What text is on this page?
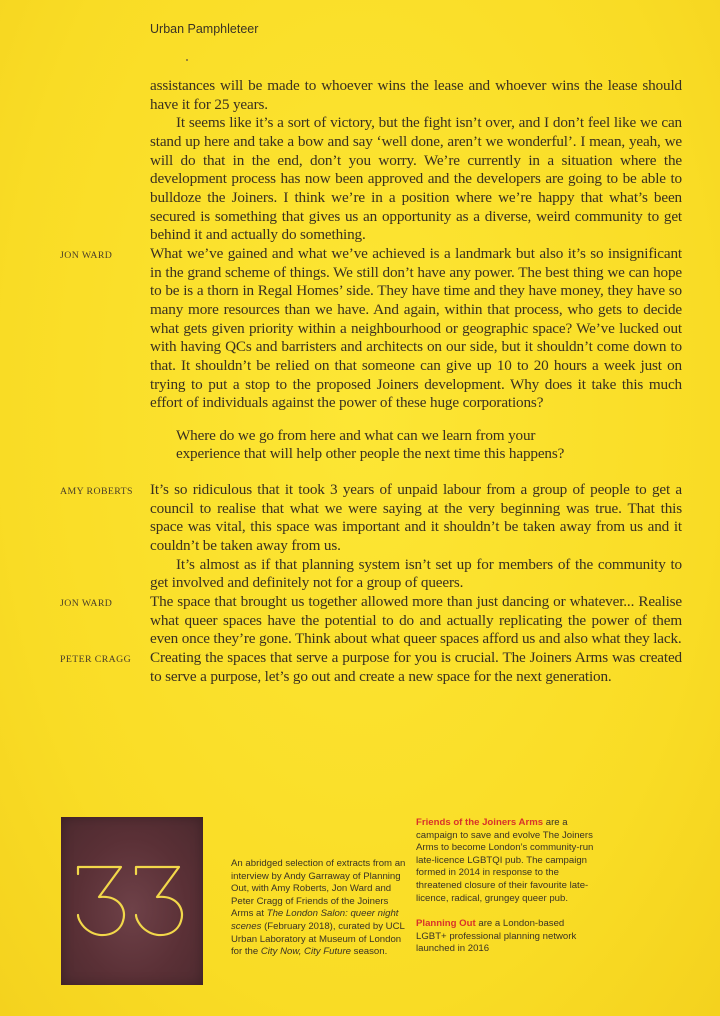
Urban Pamphleteer

assistances will be made to whoever wins the lease and whoever wins the lease should have it for 25 years.

It seems like it’s a sort of victory, but the fight isn’t over, and I don’t feel like we can stand up here and take a bow and say ‘well done, aren’t we wonderful’. I mean, yeah, we will do that in the end, don’t you worry. We’re currently in a situation where the development process has now been approved and the developers are going to be able to bulldoze the Joiners. I think we’re in a position where we’re happy that what’s been secured is something that gives us an opportunity as a diverse, weird community to get behind it and actually do something.

JON WARD What we’ve gained and what we’ve achieved is a landmark but also it’s so insignificant in the grand scheme of things. We still don’t have any power. The best thing we can hope to be is a thorn in Regal Homes’ side. They have time and they have money, they have so many more resources than we have. And again, within that process, who gets to decide what gets given priority within a neighbourhood or geographic space? We’ve lucked out with having QCs and barristers and architects on our side, but it shouldn’t come down to that. It shouldn’t be relied on that someone can give up 10 to 20 hours a week just on trying to put a stop to the proposed Joiners development. Why does it take this much effort of individuals against the power of these huge corporations?

Where do we go from here and what can we learn from your

experience that will help other people the next time this happens?

AMY ROBERTS It’s so ridiculous that it took 3 years of unpaid labour from a group of people to get a council to realise that what we were saying at the very beginning was true. That this space was vital, this space was important and it shouldn’t be taken away from us and it couldn’t be taken away from us.

It’s almost as if that planning system isn’t set up for members of the community to get involved and definitely not for a group of queers.

JON WARD The space that brought us together allowed more than just dancing or whatever... Realise what queer spaces have the potential to do and actually replicating the power of them even once they’re gone. Think about what queer spaces afford us and also what they lack.

PETER CRAGG Creating the spaces that serve a purpose for you is crucial. The Joiners Arms was created to serve a purpose, let’s go out and create a new space for the next generation.

An abridged selection of extracts from an interview by Andy Garraway of Planning Out, with Amy Roberts, Jon Ward and Peter Cragg of Friends of the Joiners Arms at The London Salon: queer night scenes (February 2018), curated by UCL Urban Laboratory at Museum of London for the City Now, City Future season.

Friends of the Joiners Arms are a campaign to save and evolve The Joiners Arms to become London’s community-run late-licence LGBTQI pub. The campaign formed in 2014 in response to the threatened closure of their favourite late-licence, radical, grungey queer pub.

Planning Out are a London-based LGBT+ professional planning network launched in 2016
